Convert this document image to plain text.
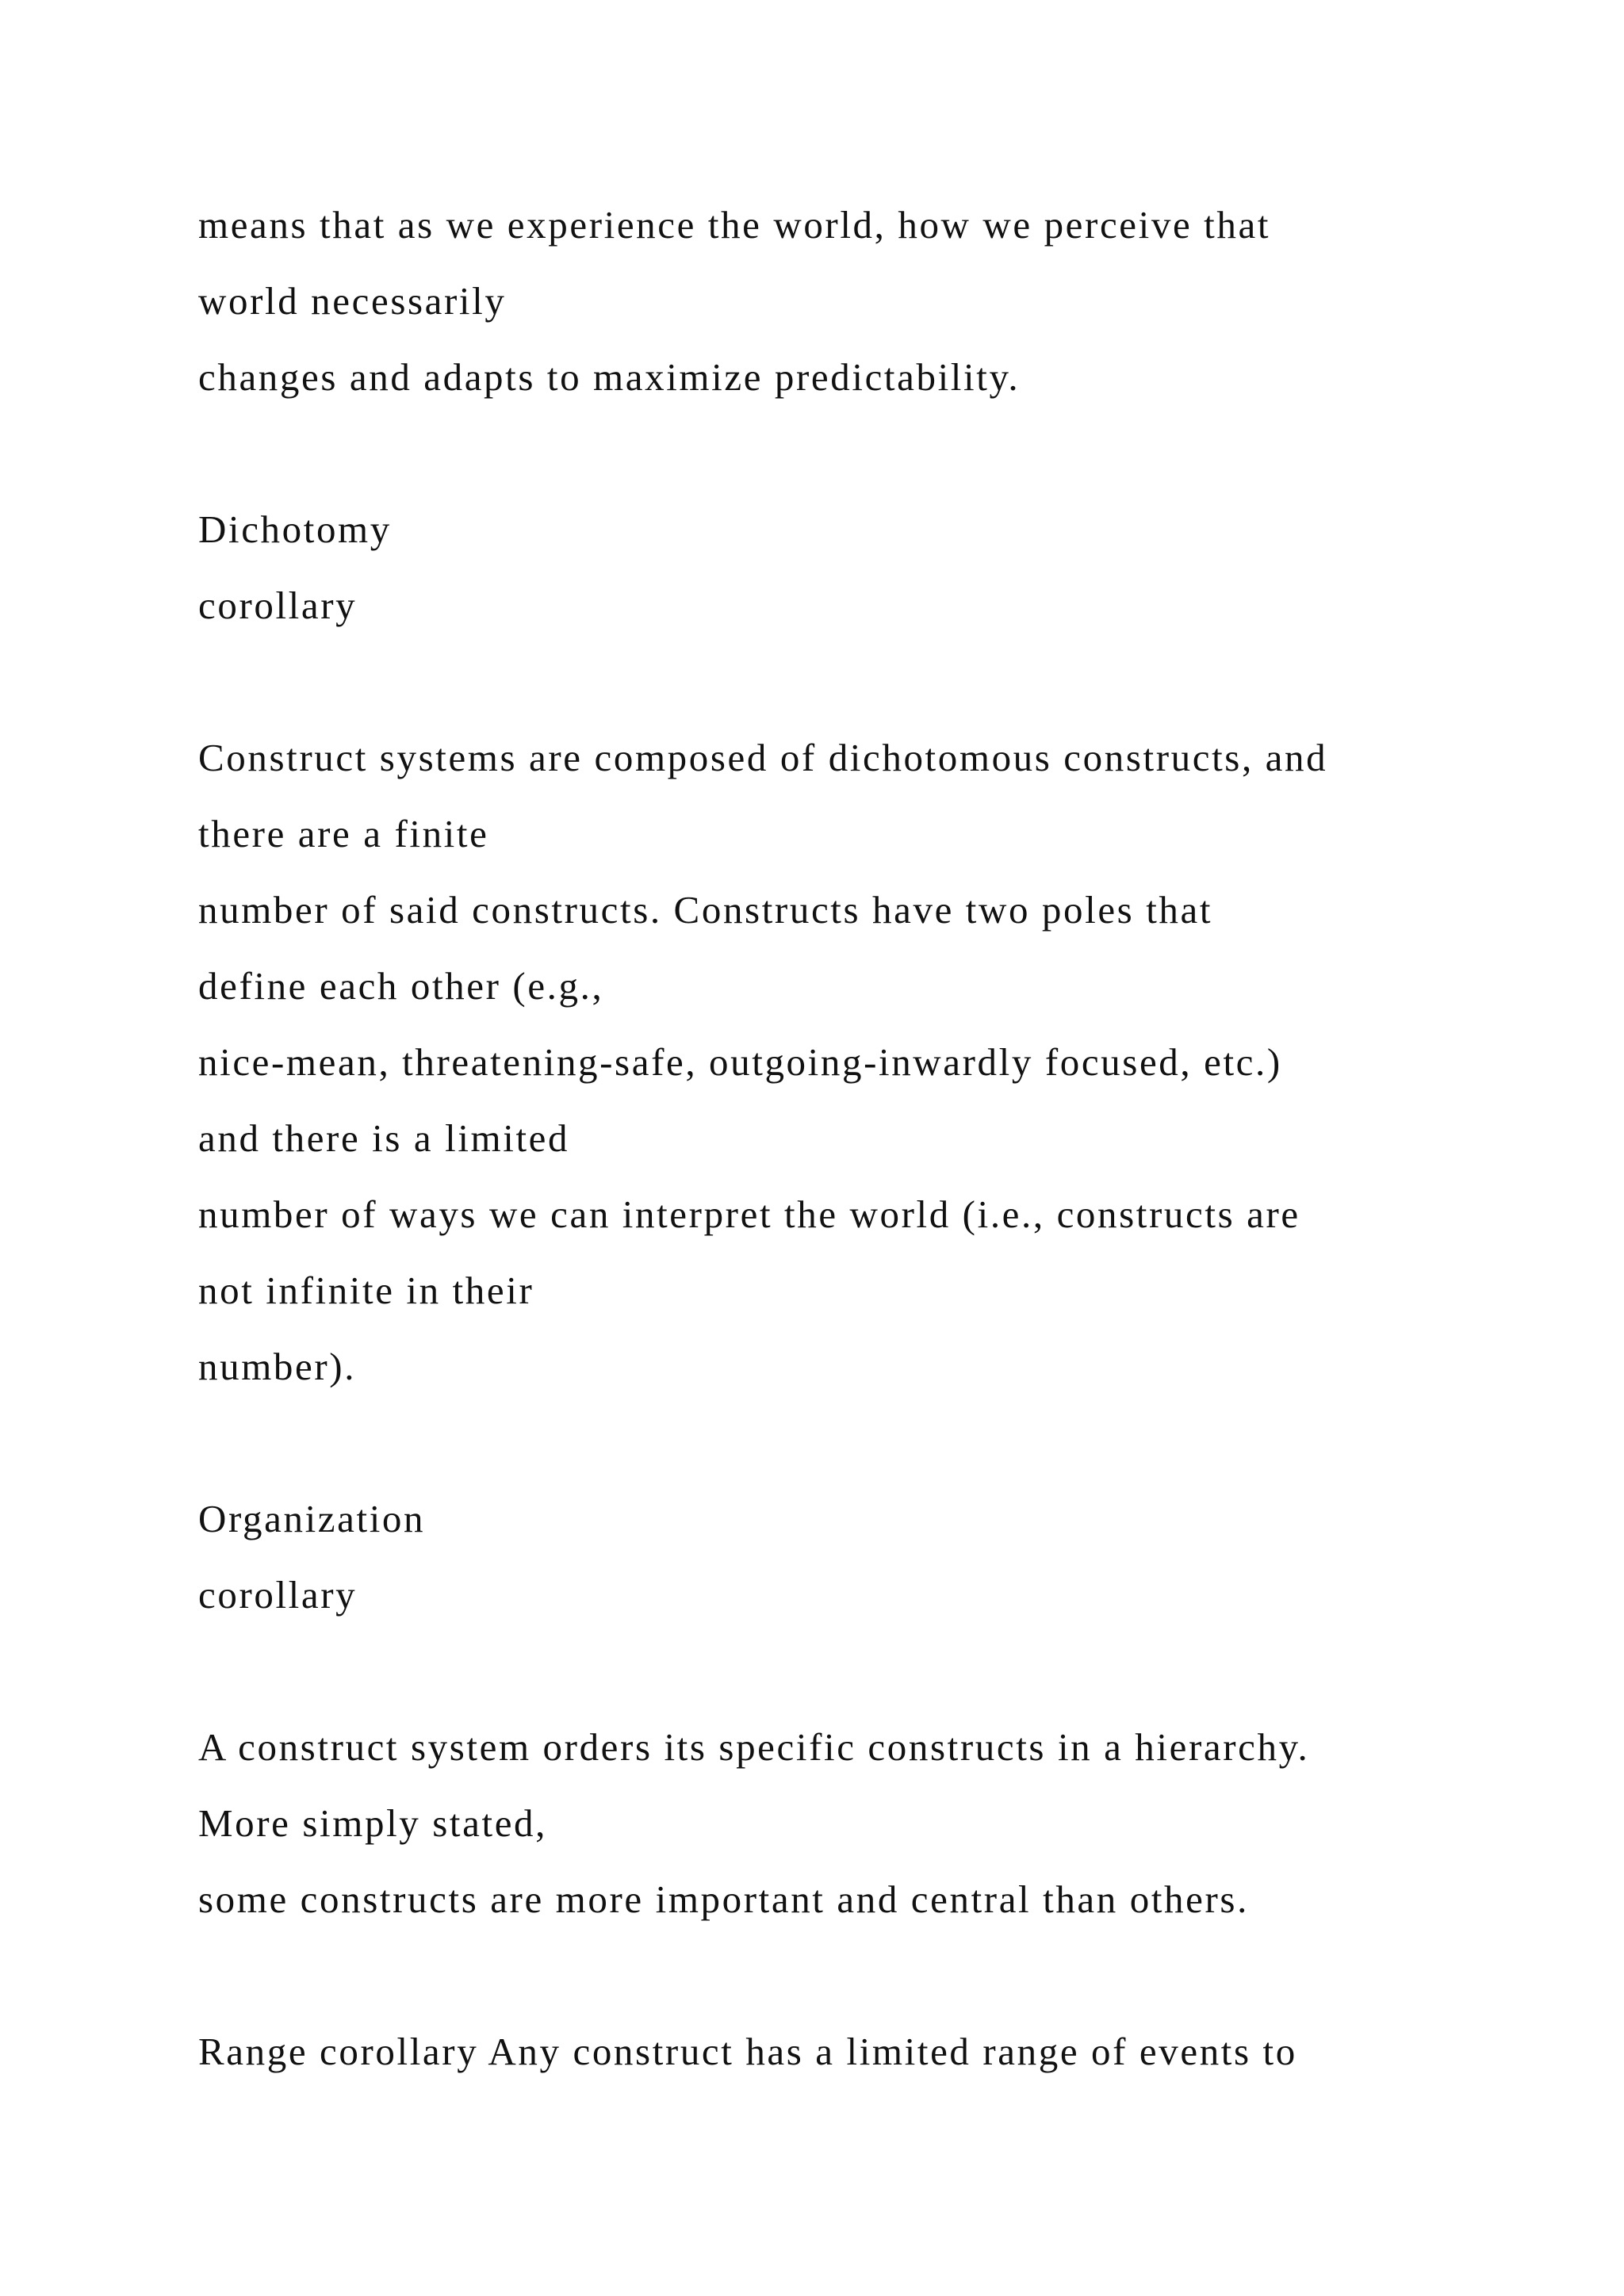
means that as we experience the world, how we perceive that
world necessarily
changes and adapts to maximize predictability.
Dichotomy
corollary
Construct systems are composed of dichotomous constructs, and
there are a finite
number of said constructs. Constructs have two poles that
define each other (e.g.,
nice-mean, threatening-safe, outgoing-inwardly focused, etc.)
and there is a limited
number of ways we can interpret the world (i.e., constructs are
not infinite in their
number).
Organization
corollary
A construct system orders its specific constructs in a hierarchy.
More simply stated,
some constructs are more important and central than others.
Range corollary Any construct has a limited range of events to
